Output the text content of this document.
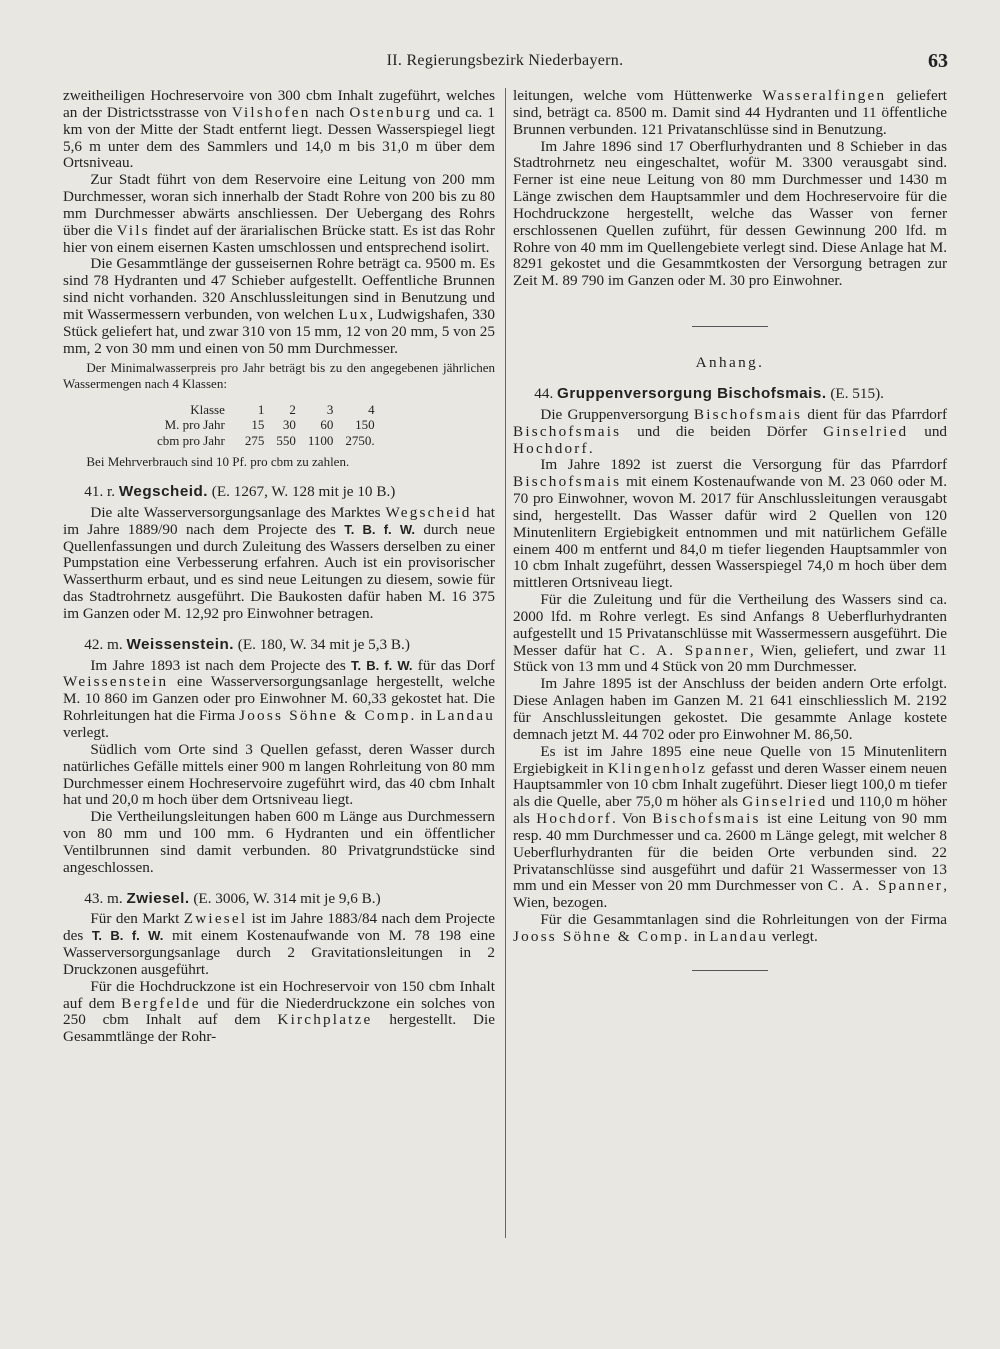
II. Regierungsbezirk Niederbayern.	63

zweitheiligen Hochreservoire von 300 cbm Inhalt zugeführt, welches an der Districtsstrasse von Vilshofen nach Ostenburg und ca. 1 km von der Mitte der Stadt entfernt liegt. Dessen Wasserspiegel liegt 5,6 m unter dem des Sammlers und 14,0 m bis 31,0 m über dem Ortsniveau.

Zur Stadt führt von dem Reservoire eine Leitung von 200 mm Durchmesser, woran sich innerhalb der Stadt Rohre von 200 bis zu 80 mm Durchmesser abwärts anschliessen. Der Uebergang des Rohrs über die Vils findet auf der ärarialischen Brücke statt. Es ist das Rohr hier von einem eisernen Kasten umschlossen und entsprechend isolirt.

Die Gesammtlänge der gusseisernen Rohre beträgt ca. 9500 m. Es sind 78 Hydranten und 47 Schieber aufgestellt. Oeffentliche Brunnen sind nicht vorhanden. 320 Anschlussleitungen sind in Benutzung und mit Wassermessern verbunden, von welchen Lux, Ludwigshafen, 330 Stück geliefert hat, und zwar 310 von 15 mm, 12 von 20 mm, 5 von 25 mm, 2 von 30 mm und einen von 50 mm Durchmesser.

Der Minimalwasserpreis pro Jahr beträgt bis zu den angegebenen jährlichen Wassermengen nach 4 Klassen:

Klasse	1	2	3	4
M. pro Jahr	15	30	60	150
cbm pro Jahr	275	550	1100	2750.

Bei Mehrverbrauch sind 10 Pf. pro cbm zu zahlen.

41. r. Wegscheid. (E. 1267, W. 128 mit je 10 B.)

Die alte Wasserversorgungsanlage des Marktes Wegscheid hat im Jahre 1889/90 nach dem Projecte des T. B. f. W. durch neue Quellenfassungen und durch Zuleitung des Wassers derselben zu einer Pumpstation eine Verbesserung erfahren. Auch ist ein provisorischer Wasserthurm erbaut, und es sind neue Leitungen zu diesem, sowie für das Stadtrohrnetz ausgeführt. Die Baukosten dafür haben M. 16 375 im Ganzen oder M. 12,92 pro Einwohner betragen.

42. m. Weissenstein. (E. 180, W. 34 mit je 5,3 B.)

Im Jahre 1893 ist nach dem Projecte des T. B. f. W. für das Dorf Weissenstein eine Wasserversorgungsanlage hergestellt, welche M. 10 860 im Ganzen oder pro Einwohner M. 60,33 gekostet hat. Die Rohrleitungen hat die Firma Jooss Söhne & Comp. in Landau verlegt.

Südlich vom Orte sind 3 Quellen gefasst, deren Wasser durch natürliches Gefälle mittels einer 900 m langen Rohrleitung von 80 mm Durchmesser einem Hochreservoire zugeführt wird, das 40 cbm Inhalt hat und 20,0 m hoch über dem Ortsniveau liegt.

Die Vertheilungsleitungen haben 600 m Länge aus Durchmessern von 80 mm und 100 mm. 6 Hydranten und ein öffentlicher Ventilbrunnen sind damit verbunden. 80 Privatgrundstücke sind angeschlossen.

43. m. Zwiesel. (E. 3006, W. 314 mit je 9,6 B.)

Für den Markt Zwiesel ist im Jahre 1883/84 nach dem Projecte des T. B. f. W. mit einem Kostenaufwande von M. 78 198 eine Wasserversorgungsanlage durch 2 Gravitationsleitungen in 2 Druckzonen ausgeführt.

Für die Hochdruckzone ist ein Hochreservoir von 150 cbm Inhalt auf dem Bergfelde und für die Niederdruckzone ein solches von 250 cbm Inhalt auf dem Kirchplatze hergestellt. Die Gesammtlänge der Rohr-

leitungen, welche vom Hüttenwerke Wasseralfingen geliefert sind, beträgt ca. 8500 m. Damit sind 44 Hydranten und 11 öffentliche Brunnen verbunden. 121 Privatanschlüsse sind in Benutzung.

Im Jahre 1896 sind 17 Oberflurhydranten und 8 Schieber in das Stadtrohrnetz neu eingeschaltet, wofür M. 3300 verausgabt sind. Ferner ist eine neue Leitung von 80 mm Durchmesser und 1430 m Länge zwischen dem Hauptsammler und dem Hochreservoire für die Hochdruckzone hergestellt, welche das Wasser von ferner erschlossenen Quellen zuführt, für dessen Gewinnung 200 lfd. m Rohre von 40 mm im Quellengebiete verlegt sind. Diese Anlage hat M. 8291 gekostet und die Gesammtkosten der Versorgung betragen zur Zeit M. 89 790 im Ganzen oder M. 30 pro Einwohner.

Anhang.

44. Gruppenversorgung Bischofsmais. (E. 515).

Die Gruppenversorgung Bischofsmais dient für das Pfarrdorf Bischofsmais und die beiden Dörfer Ginselried und Hochdorf.

Im Jahre 1892 ist zuerst die Versorgung für das Pfarrdorf Bischofsmais mit einem Kostenaufwande von M. 23 060 oder M. 70 pro Einwohner, wovon M. 2017 für Anschlussleitungen verausgabt sind, hergestellt. Das Wasser dafür wird 2 Quellen von 120 Minutenlitern Ergiebigkeit entnommen und mit natürlichem Gefälle einem 400 m entfernt und 84,0 m tiefer liegenden Hauptsammler von 10 cbm Inhalt zugeführt, dessen Wasserspiegel 74,0 m hoch über dem mittleren Ortsniveau liegt.

Für die Zuleitung und für die Vertheilung des Wassers sind ca. 2000 lfd. m Rohre verlegt. Es sind Anfangs 8 Ueberflurhydranten aufgestellt und 15 Privatanschlüsse mit Wassermessern ausgeführt. Die Messer dafür hat C. A. Spanner, Wien, geliefert, und zwar 11 Stück von 13 mm und 4 Stück von 20 mm Durchmesser.

Im Jahre 1895 ist der Anschluss der beiden andern Orte erfolgt. Diese Anlagen haben im Ganzen M. 21 641 einschliesslich M. 2192 für Anschlussleitungen gekostet. Die gesammte Anlage kostete demnach jetzt M. 44 702 oder pro Einwohner M. 86,50.

Es ist im Jahre 1895 eine neue Quelle von 15 Minutenlitern Ergiebigkeit in Klingenholz gefasst und deren Wasser einem neuen Hauptsammler von 10 cbm Inhalt zugeführt. Dieser liegt 100,0 m tiefer als die Quelle, aber 75,0 m höher als Ginselried und 110,0 m höher als Hochdorf. Von Bischofsmais ist eine Leitung von 90 mm resp. 40 mm Durchmesser und ca. 2600 m Länge gelegt, mit welcher 8 Ueberflurhydranten für die beiden Orte verbunden sind. 22 Privatanschlüsse sind ausgeführt und dafür 21 Wassermesser von 13 mm und ein Messer von 20 mm Durchmesser von C. A. Spanner, Wien, bezogen.

Für die Gesammtanlagen sind die Rohrleitungen von der Firma Jooss Söhne & Comp. in Landau verlegt.
